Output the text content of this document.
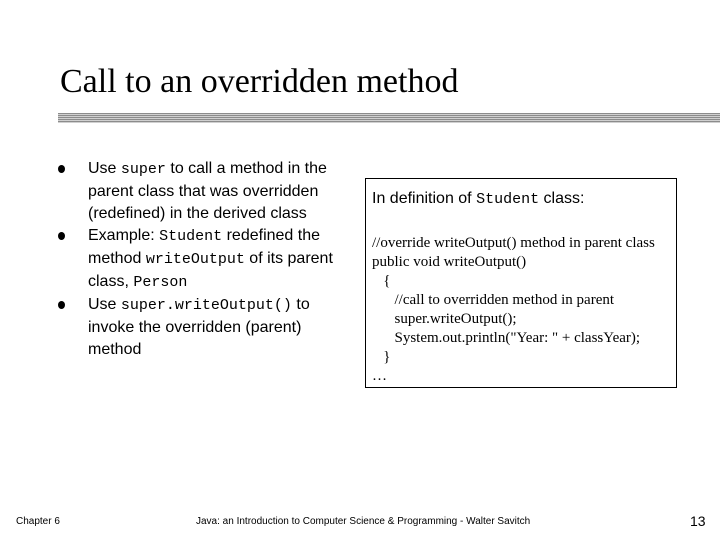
Call to an overridden method
Use super to call a method in the parent class that was overridden (redefined) in the derived class
Example: Student redefined the method writeOutput of its parent class, Person
Use super.writeOutput() to invoke the overridden (parent) method
In definition of Student class:
//override writeOutput() method in parent class
public void writeOutput()
{
//call to overridden method in parent
super.writeOutput();
System.out.println("Year: " + classYear);
}
…
Chapter 6	Java: an Introduction to Computer Science & Programming - Walter Savitch	13
